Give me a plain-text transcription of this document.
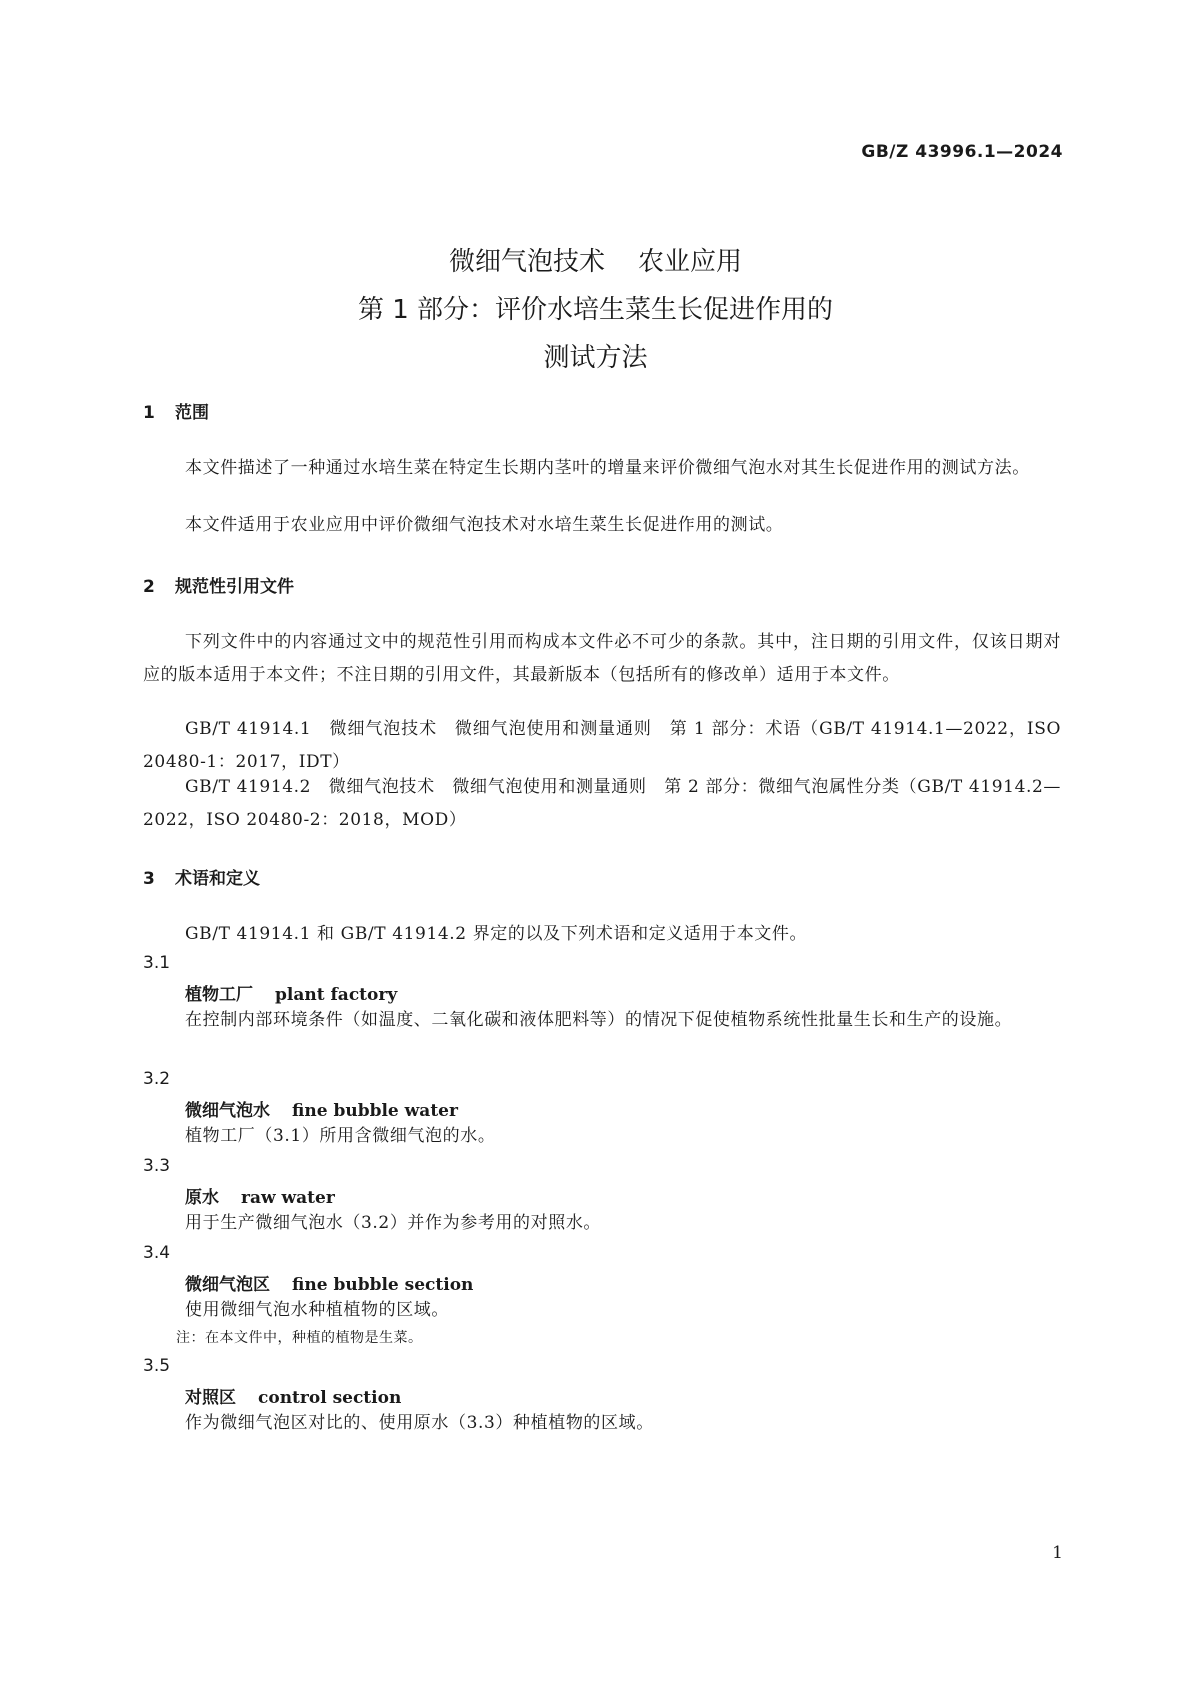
GB/Z 43996.1—2024
微细气泡技术    农业应用
第 1 部分：评价水培生菜生长促进作用的
测试方法
1 范围
本文件描述了一种通过水培生菜在特定生长期内茎叶的增量来评价微细气泡水对其生长促进作用的测试方法。
本文件适用于农业应用中评价微细气泡技术对水培生菜生长促进作用的测试。
2 规范性引用文件
下列文件中的内容通过文中的规范性引用而构成本文件必不可少的条款。其中，注日期的引用文件，仅该日期对应的版本适用于本文件；不注日期的引用文件，其最新版本（包括所有的修改单）适用于本文件。
GB/T 41914.1　微细气泡技术　微细气泡使用和测量通则　第 1 部分：术语（GB/T 41914.1—2022，ISO 20480-1：2017，IDT）
GB/T 41914.2　微细气泡技术　微细气泡使用和测量通则　第 2 部分：微细气泡属性分类（GB/T 41914.2—2022，ISO 20480-2：2018，MOD）
3 术语和定义
GB/T 41914.1 和 GB/T 41914.2 界定的以及下列术语和定义适用于本文件。
3.1
植物工厂 plant factory
在控制内部环境条件（如温度、二氧化碳和液体肥料等）的情况下促使植物系统性批量生长和生产的设施。
3.2
微细气泡水 fine bubble water
植物工厂（3.1）所用含微细气泡的水。
3.3
原水 raw water
用于生产微细气泡水（3.2）并作为参考用的对照水。
3.4
微细气泡区 fine bubble section
使用微细气泡水种植植物的区域。
注：在本文件中，种植的植物是生菜。
3.5
对照区 control section
作为微细气泡区对比的、使用原水（3.3）种植植物的区域。
1
